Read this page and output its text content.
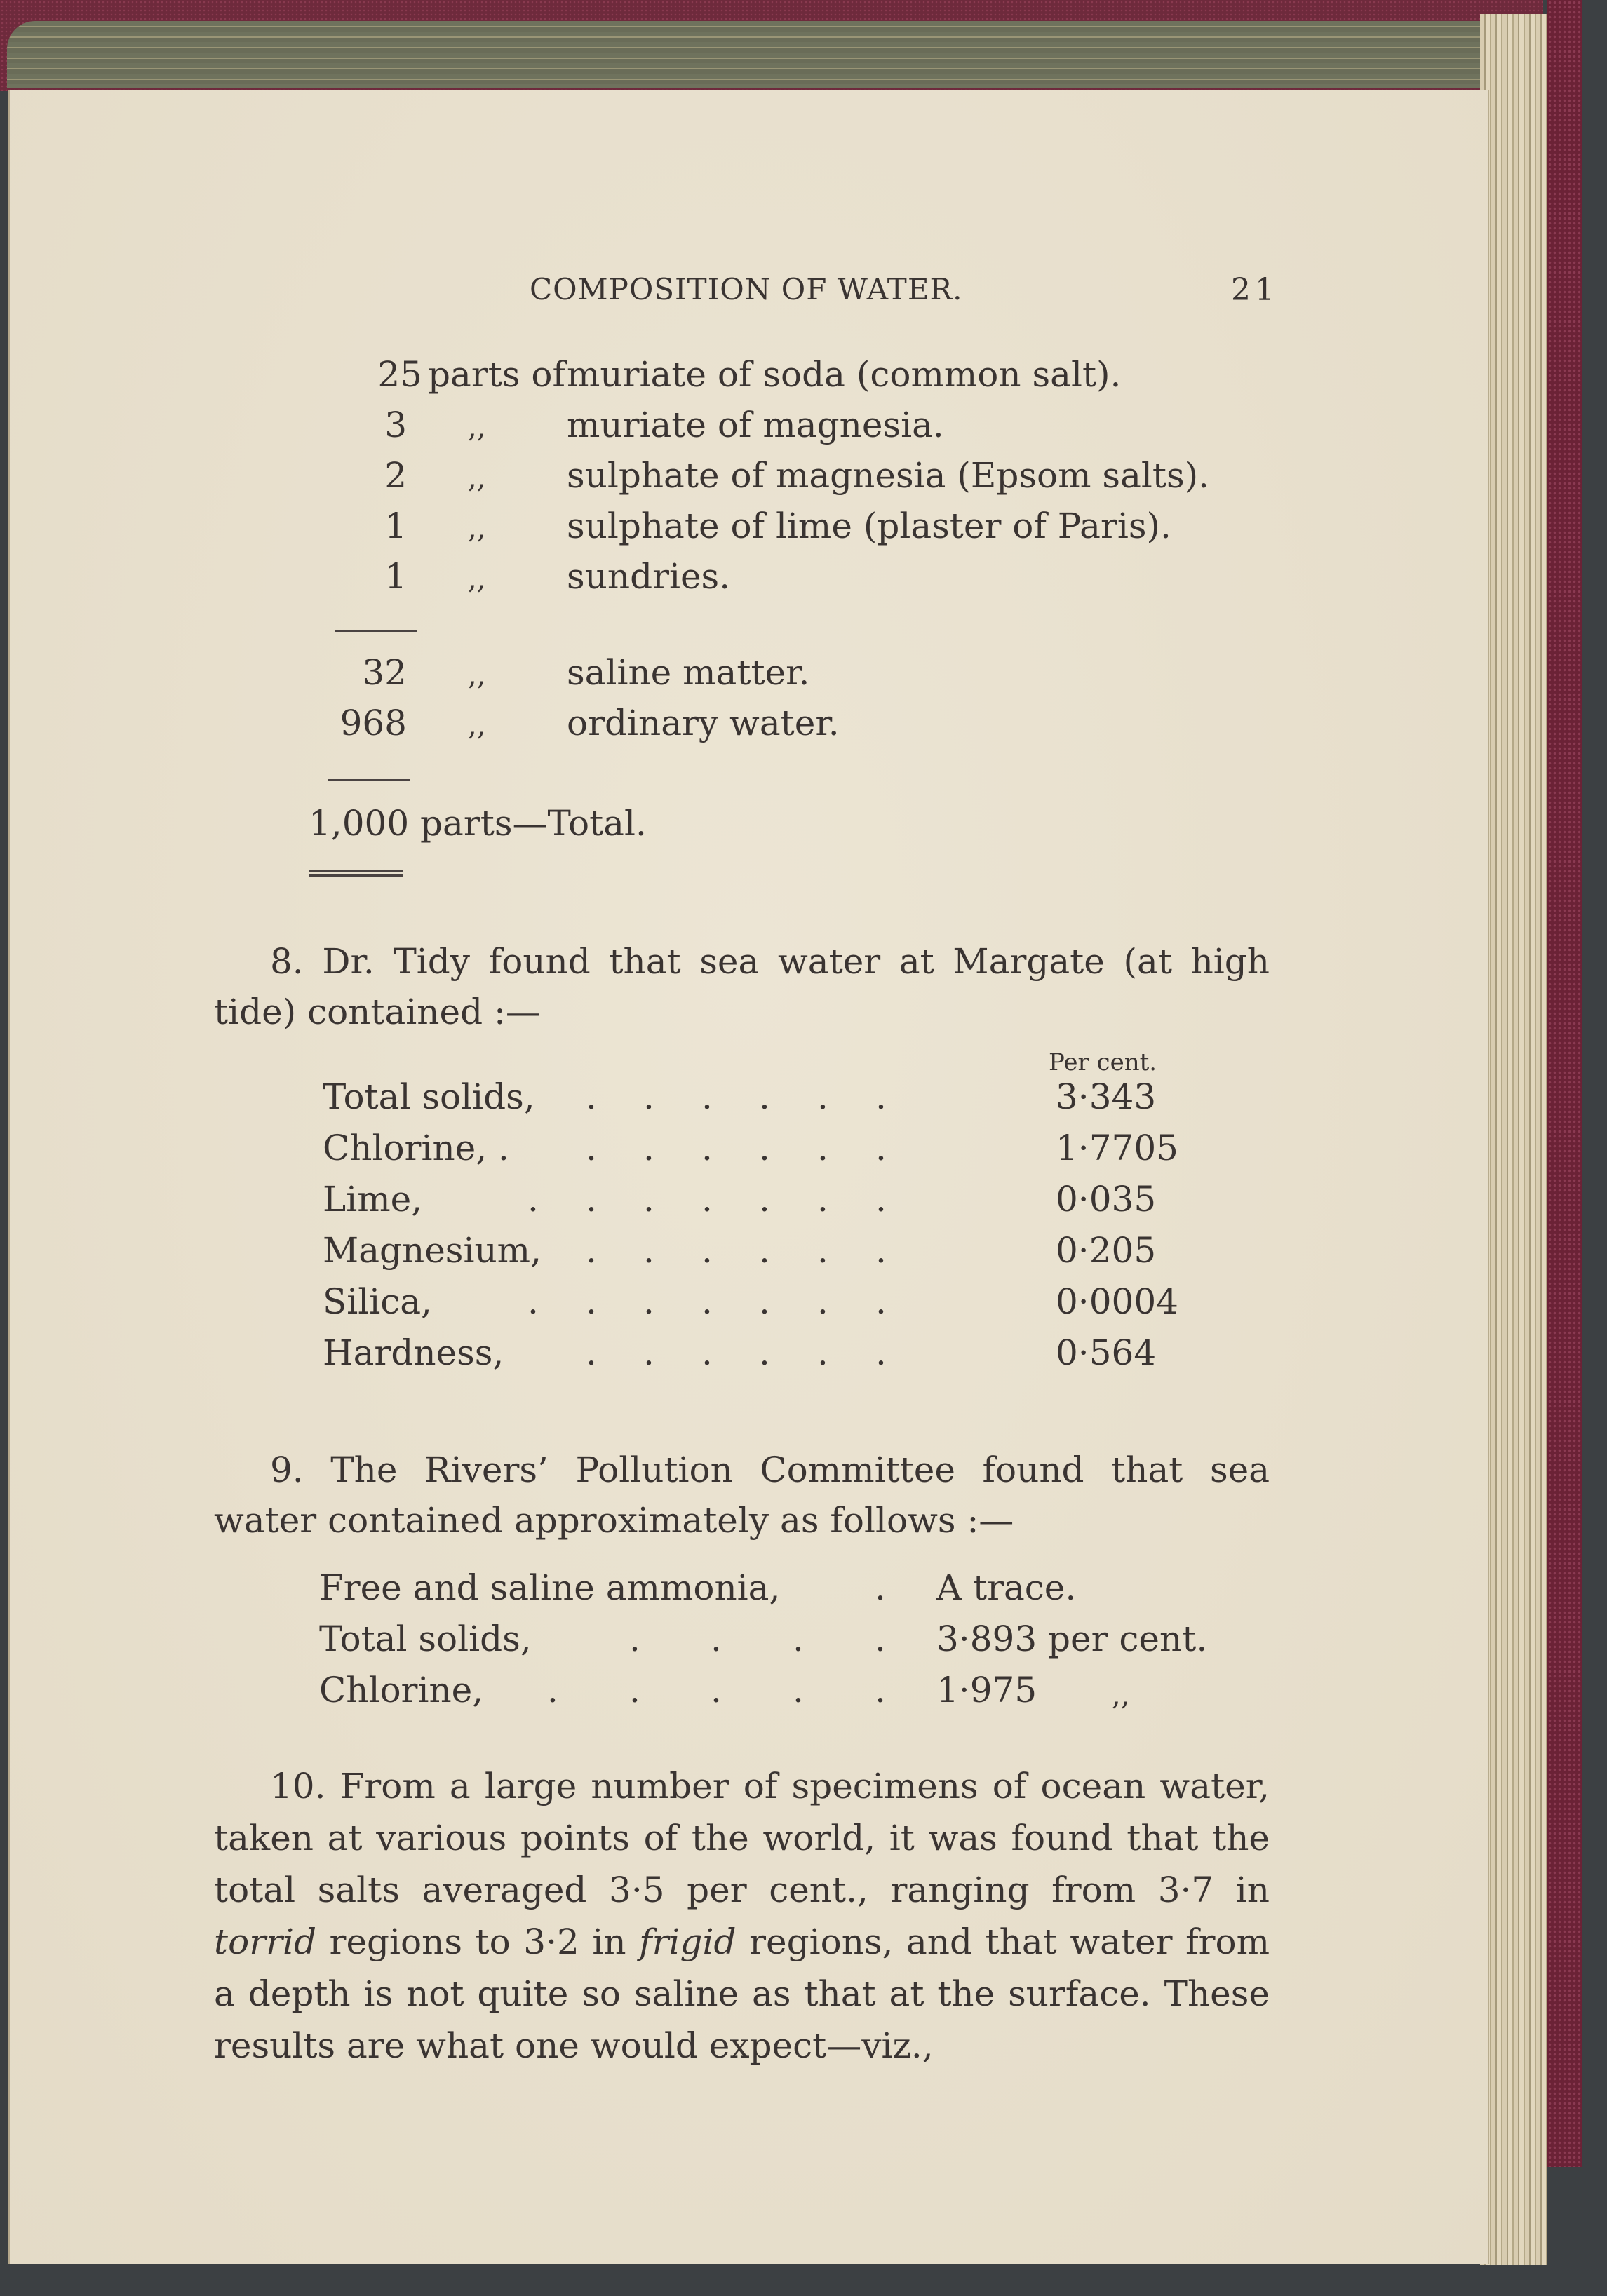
COMPOSITION OF WATER.	21
25 parts of muriate of soda (common salt).
3 ,, muriate of magnesia.
2 ,, sulphate of magnesia (Epsom salts).
1 ,, sulphate of lime (plaster of Paris).
1 ,, sundries.
32 ,, saline matter.
968 ,, ordinary water.
1,000 parts—Total.
8. Dr. Tidy found that sea water at Margate (at high tide) contained :—
Per cent.
Total solids, . . . . . .	3·343
Chlorine, . . . . . . .	1·7705
Lime,	. . . . . . .	0·035
Magnesium, . . . . . .	0·205
Silica,	. . . . . . .	0·0004
Hardness, . . . . . .	0·564
9. The Rivers’ Pollution Committee found that sea water contained approximately as follows :—
Free and saline ammonia,	. A trace.
Total solids,	. . . . 3·893 per cent.
Chlorine, . . . . . 1·975	,,
10. From a large number of specimens of ocean water, taken at various points of the world, it was found that the total salts averaged 3·5 per cent., ranging from 3·7 in torrid regions to 3·2 in frigid regions, and that water from a depth is not quite so saline as that at the surface. These results are what one would expect—viz.,
